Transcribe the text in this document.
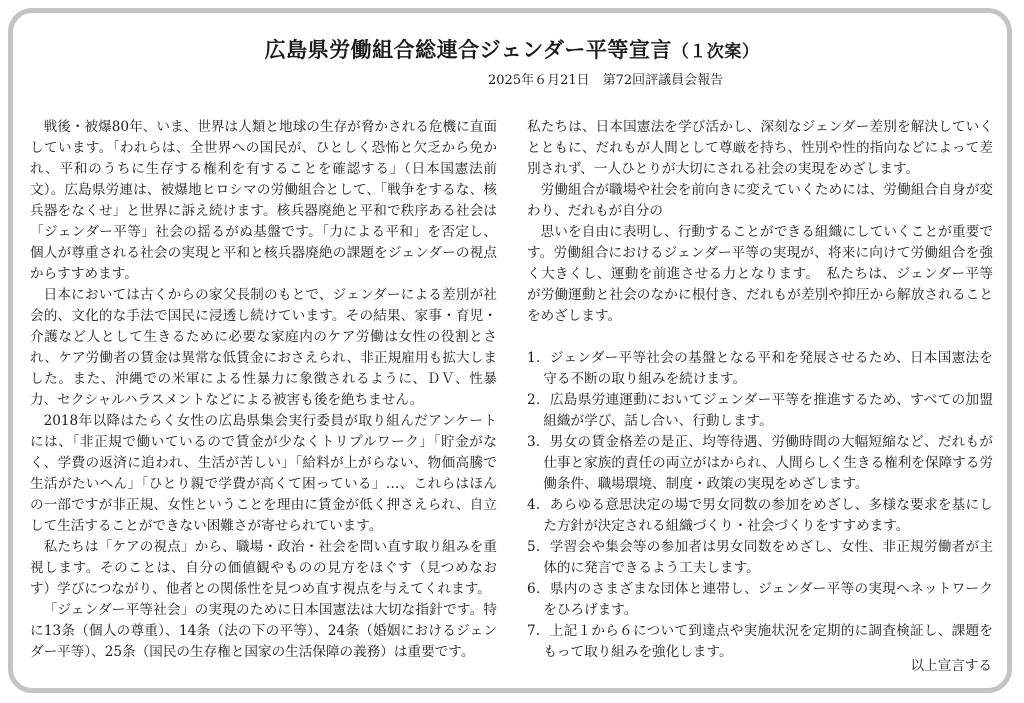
広島県労働組合総連合ジェンダー平等宣言（１次案）
2025年６月21日　第72回評議員会報告

戦後・被爆80年、いま、世界は人類と地球の生存が脅かされる危機に直面しています。「われらは、全世界への国民が、ひとしく恐怖と欠乏から免かれ、平和のうちに生存する権利を有することを確認する」（日本国憲法前文）。広島県労連は、被爆地ヒロシマの労働組合として、「戦争をするな、核兵器をなくせ」と世界に訴え続けます。核兵器廃絶と平和で秩序ある社会は「ジェンダー平等」社会の揺るがぬ基盤です。「力による平和」を否定し、個人が尊重される社会の実現と平和と核兵器廃絶の課題をジェンダーの視点からすすめます。

日本においては古くからの家父長制のもとで、ジェンダーによる差別が社会的、文化的な手法で国民に浸透し続けています。その結果、家事・育児・介護など人として生きるために必要な家庭内のケア労働は女性の役割とされ、ケア労働者の賃金は異常な低賃金におさえられ、非正規雇用も拡大しました。また、沖縄での米軍による性暴力に象徴されるように、ＤＶ、性暴力、セクシャルハラスメントなどによる被害も後を絶ちません。

2018年以降はたらく女性の広島県集会実行委員が取り組んだアンケートには、「非正規で働いているので賃金が少なくトリプルワーク」「貯金がなく、学費の返済に追われ、生活が苦しい」「給料が上がらない、物価高騰で生活がたいへん」「ひとり親で学費が高くて困っている」…、これらはほんの一部ですが非正規、女性ということを理由に賃金が低く押さえられ、自立して生活することができない困難さが寄せられています。

私たちは「ケアの視点」から、職場・政治・社会を問い直す取り組みを重視します。そのことは、自分の価値観やものの見方をほぐす（見つめなおす）学びにつながり、他者との関係性を見つめ直す視点を与えてくれます。

「ジェンダー平等社会」の実現のために日本国憲法は大切な指針です。特に13条（個人の尊重）、14条（法の下の平等）、24条（婚姻におけるジェンダー平等）、25条（国民の生存権と国家の生活保障の義務）は重要です。

私たちは、日本国憲法を学び活かし、深刻なジェンダー差別を解決していくとともに、だれもが人間として尊厳を持ち、性別や性的指向などによって差別されず、一人ひとりが大切にされる社会の実現をめざします。

労働組合が職場や社会を前向きに変えていくためには、労働組合自身が変わり、だれもが自分の

思いを自由に表明し、行動することができる組織にしていくことが重要です。労働組合におけるジェンダー平等の実現が、将来に向けて労働組合を強く大きくし、運動を前進させる力となります。　私たちは、ジェンダー平等が労働運動と社会のなかに根付き、だれもが差別や抑圧から解放されることをめざします。

1．ジェンダー平等社会の基盤となる平和を発展させるため、日本国憲法を守る不断の取り組みを続けます。

2．広島県労連運動においてジェンダー平等を推進するため、すべての加盟組織が学び、話し合い、行動します。

3．男女の賃金格差の是正、均等待遇、労働時間の大幅短縮など、だれもが仕事と家族的責任の両立がはかられ、人間らしく生きる権利を保障する労働条件、職場環境、制度・政策の実現をめざします。

4．あらゆる意思決定の場で男女同数の参加をめざし、多様な要求を基にした方針が決定される組織づくり・社会づくりをすすめます。

5．学習会や集会等の参加者は男女同数をめざし、女性、非正規労働者が主体的に発言できるよう工夫します。

6．県内のさまざまな団体と連帯し、ジェンダー平等の実現へネットワークをひろげます。

7．上記１から６について到達点や実施状況を定期的に調査検証し、課題をもって取り組みを強化します。

以上宣言する
